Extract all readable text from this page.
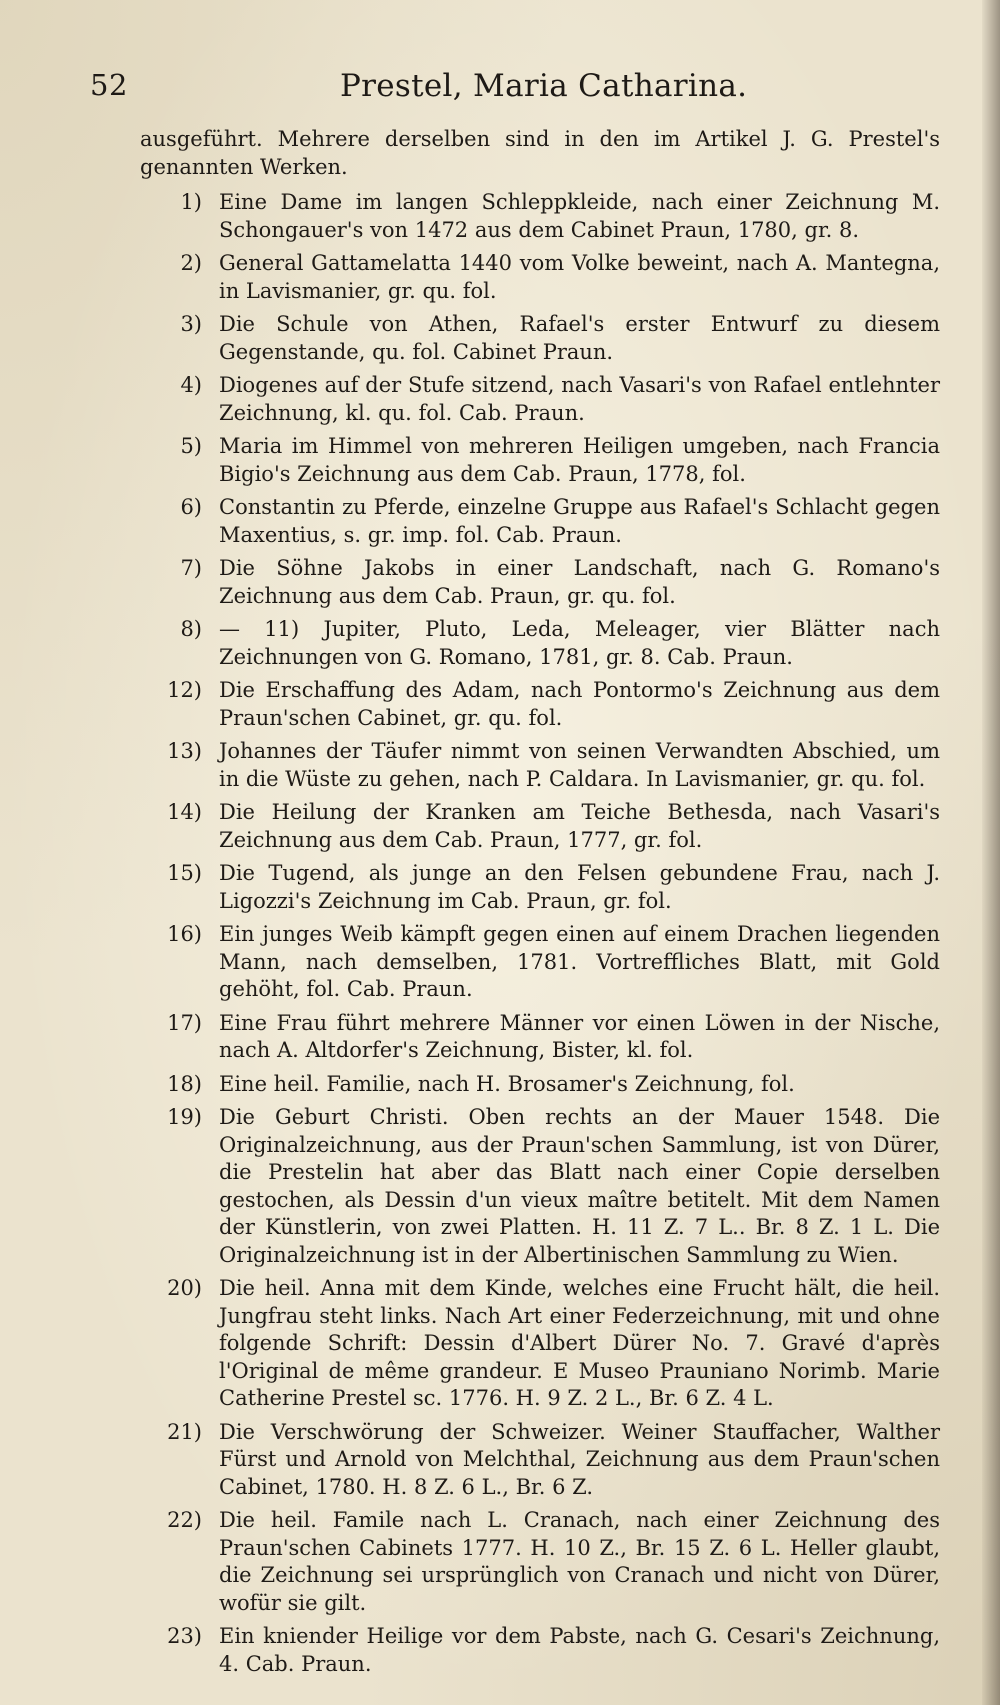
52	Prestel, Maria Catharina.

ausgeführt. Mehrere derselben sind in den im Artikel J. G. Prestel's genannten Werken.

1) Eine Dame im langen Schleppkleide, nach einer Zeichnung M. Schongauer's von 1472 aus dem Cabinet Praun, 1780, gr. 8.
2) General Gattamelatta 1440 vom Volke beweint, nach A. Mantegna, in Lavismanier, gr. qu. fol.
3) Die Schule von Athen, Rafael's erster Entwurf zu diesem Gegenstande, qu. fol. Cabinet Praun.
4) Diogenes auf der Stufe sitzend, nach Vasari's von Rafael entlehnter Zeichnung, kl. qu. fol. Cab. Praun.
5) Maria im Himmel von mehreren Heiligen umgeben, nach Francia Bigio's Zeichnung aus dem Cab. Praun, 1778, fol.
6) Constantin zu Pferde, einzelne Gruppe aus Rafael's Schlacht gegen Maxentius, s. gr. imp. fol. Cab. Praun.
7) Die Söhne Jakobs in einer Landschaft, nach G. Romano's Zeichnung aus dem Cab. Praun, gr. qu. fol.
8) — 11) Jupiter, Pluto, Leda, Meleager, vier Blätter nach Zeichnungen von G. Romano, 1781, gr. 8. Cab. Praun.
12) Die Erschaffung des Adam, nach Pontormo's Zeichnung aus dem Praun'schen Cabinet, gr. qu. fol.
13) Johannes der Täufer nimmt von seinen Verwandten Abschied, um in die Wüste zu gehen, nach P. Caldara. In Lavismanier, gr. qu. fol.
14) Die Heilung der Kranken am Teiche Bethesda, nach Vasari's Zeichnung aus dem Cab. Praun, 1777, gr. fol.
15) Die Tugend, als junge an den Felsen gebundene Frau, nach J. Ligozzi's Zeichnung im Cab. Praun, gr. fol.
16) Ein junges Weib kämpft gegen einen auf einem Drachen liegenden Mann, nach demselben, 1781. Vortreffliches Blatt, mit Gold gehöht, fol. Cab. Praun.
17) Eine Frau führt mehrere Männer vor einen Löwen in der Nische, nach A. Altdorfer's Zeichnung, Bister, kl. fol.
18) Eine heil. Familie, nach H. Brosamer's Zeichnung, fol.
19) Die Geburt Christi. Oben rechts an der Mauer 1548. Die Originalzeichnung, aus der Praun'schen Sammlung, ist von Dürer, die Prestelin hat aber das Blatt nach einer Copie derselben gestochen, als Dessin d'un vieux maître betitelt. Mit dem Namen der Künstlerin, von zwei Platten. H. 11 Z. 7 L.. Br. 8 Z. 1 L. Die Originalzeichnung ist in der Albertinischen Sammlung zu Wien.
20) Die heil. Anna mit dem Kinde, welches eine Frucht hält, die heil. Jungfrau steht links. Nach Art einer Federzeichnung, mit und ohne folgende Schrift: Dessin d'Albert Dürer No. 7. Gravé d'après l'Original de même grandeur. E Museo Prauniano Norimb. Marie Catherine Prestel sc. 1776. H. 9 Z. 2 L., Br. 6 Z. 4 L.
21) Die Verschwörung der Schweizer. Weiner Stauffacher, Walther Fürst und Arnold von Melchthal, Zeichnung aus dem Praun'schen Cabinet, 1780. H. 8 Z. 6 L., Br. 6 Z.
22) Die heil. Famile nach L. Cranach, nach einer Zeichnung des Praun'schen Cabinets 1777. H. 10 Z., Br. 15 Z. 6 L. Heller glaubt, die Zeichnung sei ursprünglich von Cranach und nicht von Dürer, wofür sie gilt.
23) Ein kniender Heilige vor dem Pabste, nach G. Cesari's Zeichnung, 4. Cab. Praun.
